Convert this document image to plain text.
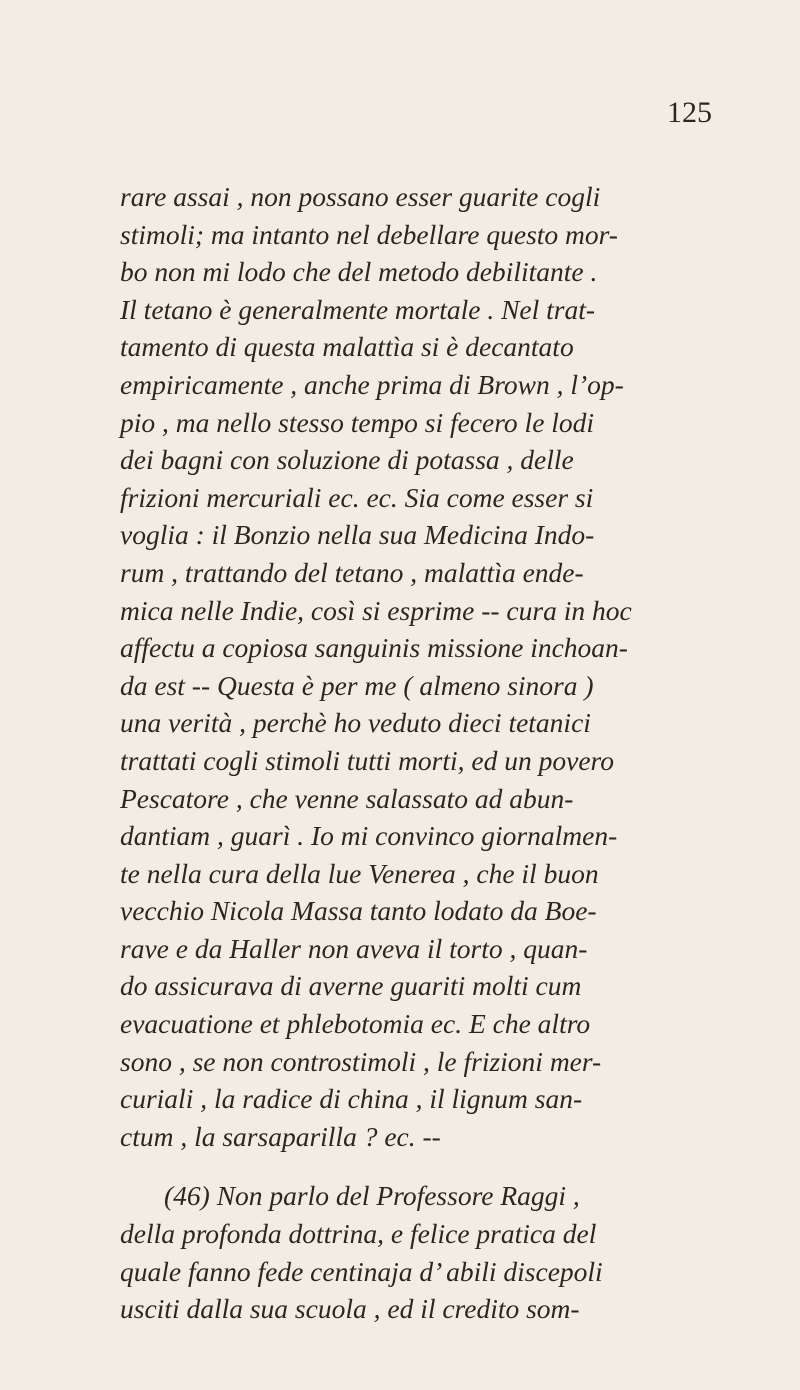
125
rare assai , non possano esser guarite cogli
stimoli; ma intanto nel debellare questo mor-
bo non mi lodo che del metodo debilitante .
Il tetano è generalmente mortale . Nel trat-
tamento di questa malattìa si è decantato
empiricamente , anche prima di Brown , l’op-
pio , ma nello stesso tempo si fecero le lodi
dei bagni con soluzione di potassa , delle
frizioni mercuriali ec. ec. Sia come esser si
voglia : il Bonzio nella sua Medicina Indo-
rum , trattando del tetano , malattìa ende-
mica nelle Indie, così si esprime -- cura in hoc
affectu a copiosa sanguinis missione inchoan-
da est -- Questa è per me ( almeno sinora )
una verità , perchè ho veduto dieci tetanici
trattati cogli stimoli tutti morti, ed un povero
Pescatore , che venne salassato ad abun-
dantiam , guarì . Io mi convinco giornalmen-
te nella cura della lue Venerea , che il buon
vecchio Nicola Massa tanto lodato da Boe-
rave e da Haller non aveva il torto , quan-
do assicurava di averne guariti molti cum
evacuatione et phlebotomia ec. E che altro
sono , se non controstimoli , le frizioni mer-
curiali , la radice di china , il lignum san-
ctum , la sarsaparilla ? ec. --
(46) Non parlo del Professore Raggi ,
della profonda dottrina, e felice pratica del
quale fanno fede centinaja d’ abili discepoli
usciti dalla sua scuola , ed il credito som-
